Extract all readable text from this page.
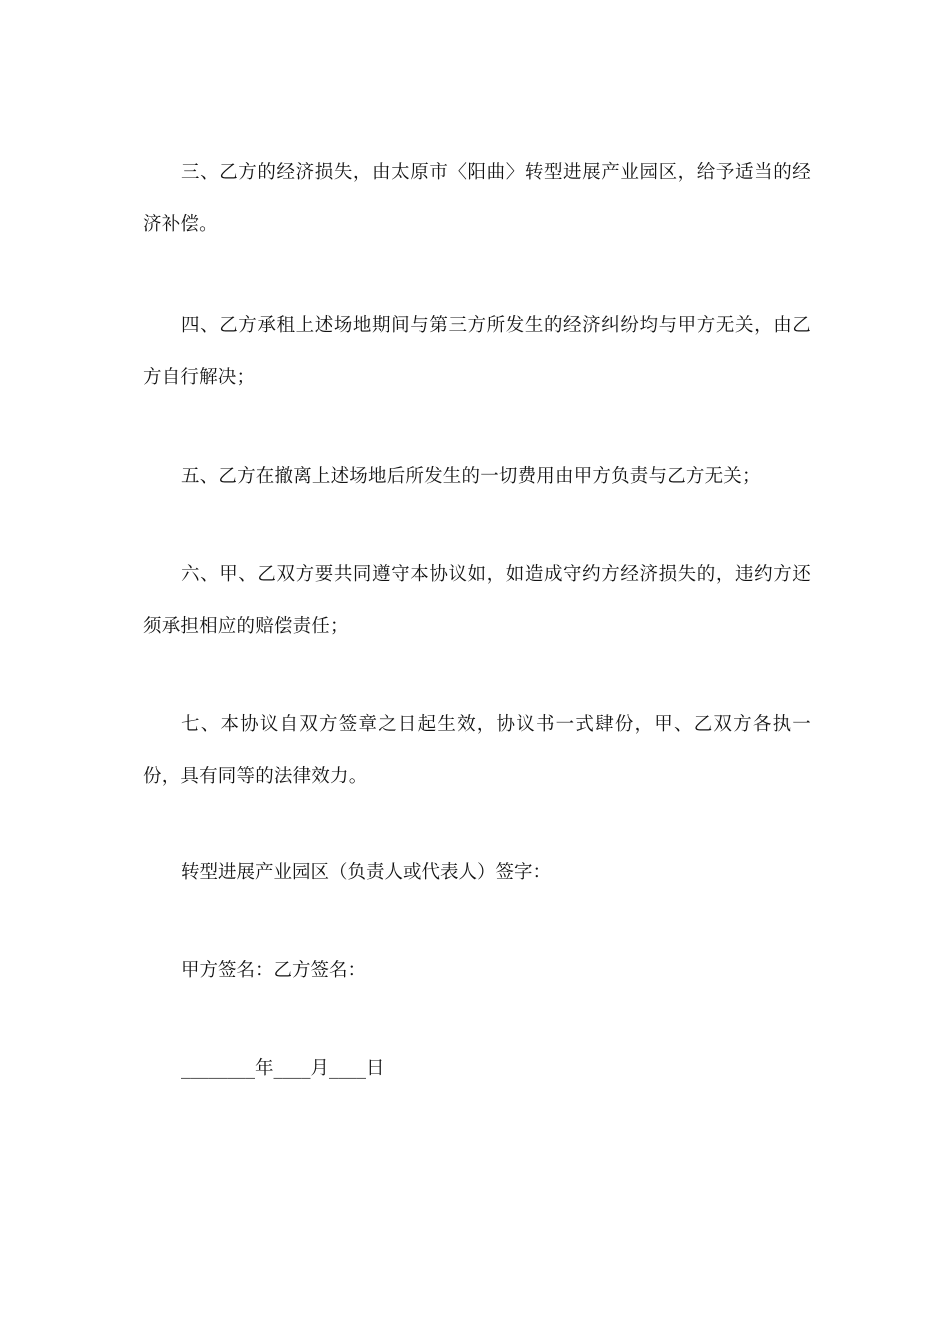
三、乙方的经济损失，由太原市〈阳曲〉转型进展产业园区，给予适当的经济补偿。

四、乙方承租上述场地期间与第三方所发生的经济纠纷均与甲方无关，由乙方自行解决；

五、乙方在撤离上述场地后所发生的一切费用由甲方负责与乙方无关；

六、甲、乙双方要共同遵守本协议如，如造成守约方经济损失的，违约方还须承担相应的赔偿责任；

七、本协议自双方签章之日起生效，协议书一式肆份，甲、乙双方各执一份，具有同等的法律效力。

转型进展产业园区（负责人或代表人）签字：

甲方签名：乙方签名：

________年____月____日
